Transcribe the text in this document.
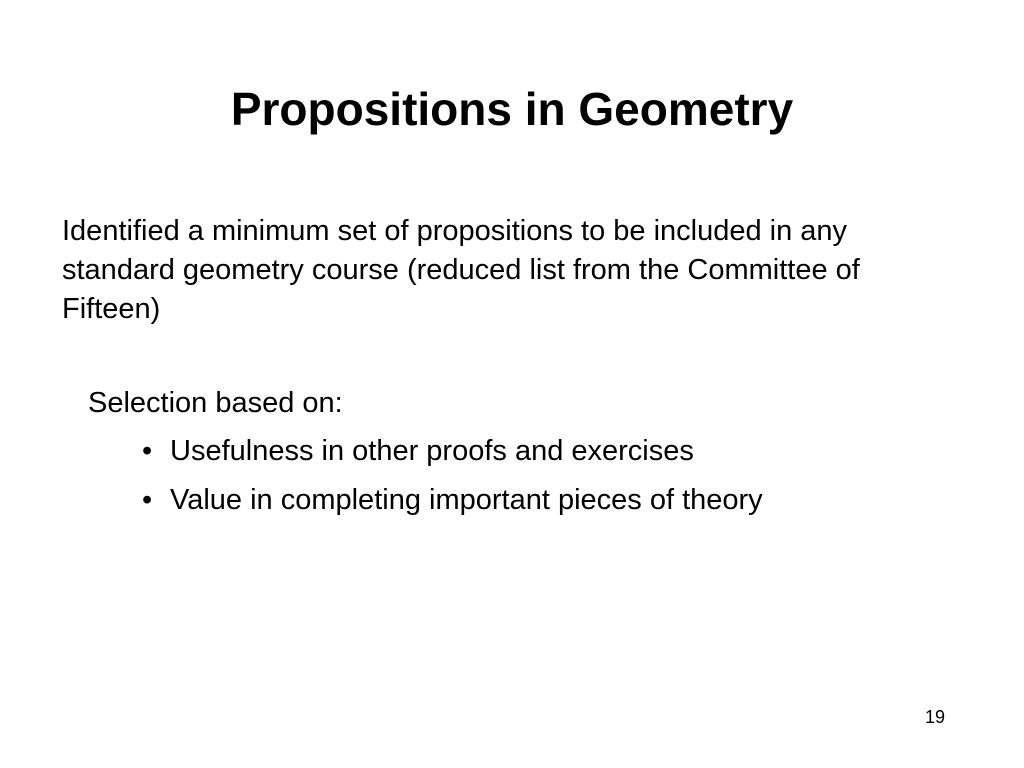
Propositions in Geometry

Identified a minimum set of propositions to be included in any standard geometry course (reduced list from the Committee of Fifteen)

Selection based on:

• Usefulness in other proofs and exercises
• Value in completing important pieces of theory
19
